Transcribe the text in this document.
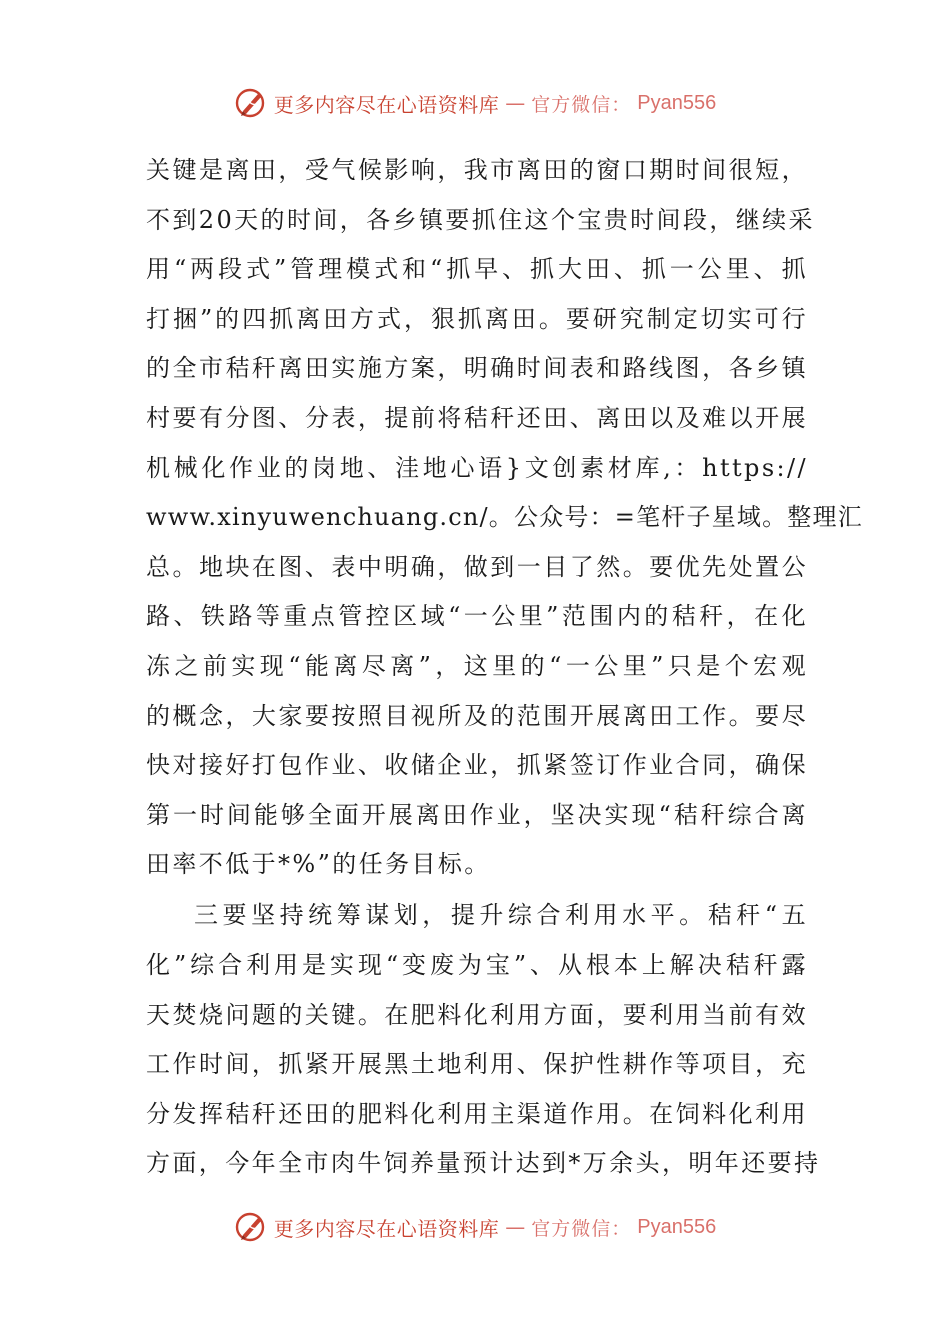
更多内容尽在心语资料库 — 官方微信： Pyan556
关键是离田，受气候影响，我市离田的窗口期时间很短，
不到20天的时间，各乡镇要抓住这个宝贵时间段，继续采
用“两段式”管理模式和“抓早、抓大田、抓一公里、抓
打捆”的四抓离田方式，狠抓离田。要研究制定切实可行
的全市秸秆离田实施方案，明确时间表和路线图，各乡镇
村要有分图、分表，提前将秸秆还田、离田以及难以开展
机械化作业的岗地、洼地心语}文创素材库,：https://
www.xinyuwenchuang.cn/。公众号：=笔杆子星域。整理汇
总。地块在图、表中明确，做到一目了然。要优先处置公
路、铁路等重点管控区域“一公里”范围内的秸秆，在化
冻之前实现“能离尽离”，这里的“一公里”只是个宏观
的概念，大家要按照目视所及的范围开展离田工作。要尽
快对接好打包作业、收储企业，抓紧签订作业合同，确保
第一时间能够全面开展离田作业，坚决实现“秸秆综合离
田率不低于*%”的任务目标。
三要坚持统筹谋划，提升综合利用水平。秸秆“五
化”综合利用是实现“变废为宝”、从根本上解决秸秆露
天焚烧问题的关键。在肥料化利用方面，要利用当前有效
工作时间，抓紧开展黑土地利用、保护性耕作等项目，充
分发挥秸秆还田的肥料化利用主渠道作用。在饲料化利用
方面，今年全市肉牛饲养量预计达到*万余头，明年还要持
更多内容尽在心语资料库 — 官方微信： Pyan556
